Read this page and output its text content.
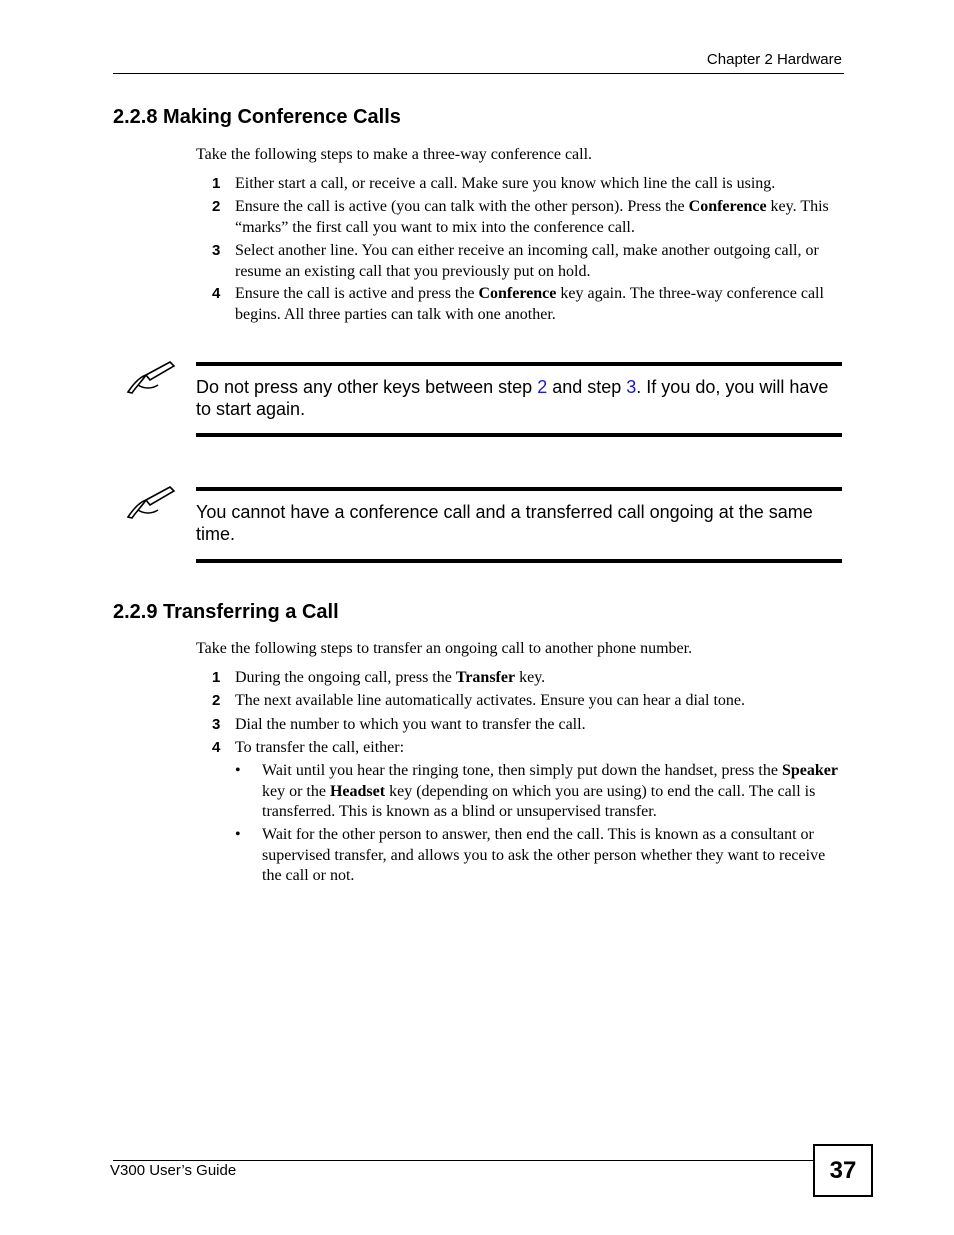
Chapter 2 Hardware
2.2.8 Making Conference Calls
Take the following steps to make a three-way conference call.
1 Either start a call, or receive a call. Make sure you know which line the call is using.
2 Ensure the call is active (you can talk with the other person). Press the Conference key. This “marks” the first call you want to mix into the conference call.
3 Select another line. You can either receive an incoming call, make another outgoing call, or resume an existing call that you previously put on hold.
4 Ensure the call is active and press the Conference key again. The three-way conference call begins. All three parties can talk with one another.
Do not press any other keys between step 2 and step 3. If you do, you will have to start again.
You cannot have a conference call and a transferred call ongoing at the same time.
2.2.9 Transferring a Call
Take the following steps to transfer an ongoing call to another phone number.
1 During the ongoing call, press the Transfer key.
2 The next available line automatically activates. Ensure you can hear a dial tone.
3 Dial the number to which you want to transfer the call.
4 To transfer the call, either:
• Wait until you hear the ringing tone, then simply put down the handset, press the Speaker key or the Headset key (depending on which you are using) to end the call. The call is transferred. This is known as a blind or unsupervised transfer.
• Wait for the other person to answer, then end the call. This is known as a consultant or supervised transfer, and allows you to ask the other person whether they want to receive the call or not.
V300 User’s Guide	37
